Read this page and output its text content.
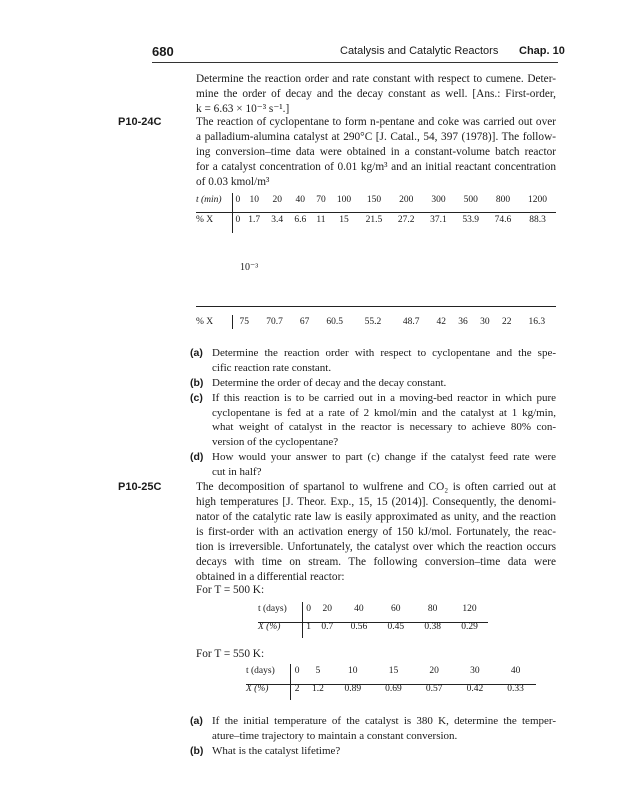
680	Catalysis and Catalytic Reactors Chap. 10
Determine the reaction order and rate constant with respect to cumene. Deter-
mine the order of decay and the decay constant as well. [Ans.: First-order,
k = 6.63 × 10⁻³ s⁻¹.]
P10-24C	The reaction of cyclopentane to form n-pentane and coke was carried out over
a palladium-alumina catalyst at 290°C [J. Catal., 54, 397 (1978)]. The follow-
ing conversion–time data were obtained in a constant-volume batch reactor
for a catalyst concentration of 0.01 kg/m³ and an initial reactant concentration
of 0.03 kmol/m³
t (min)	0	10	20	40	70	100	150	200	300	500	800	1200
% X	0	1.7	3.4	6.6	11	15	21.5	27.2	37.1	53.9	74.6	88.3
10⁻³
% X	75	70.7	67	60.5	55.2	48.7	42	36	30	22	16.3
(a) Determine the reaction order with respect to cyclopentane and the spe-
cific reaction rate constant.
(b) Determine the order of decay and the decay constant.
(c) If this reaction is to be carried out in a moving-bed reactor in which pure
cyclopentane is fed at a rate of 2 kmol/min and the catalyst at 1 kg/min,
what weight of catalyst in the reactor is necessary to achieve 80% con-
version of the cyclopentane?
(d) How would your answer to part (c) change if the catalyst feed rate were
cut in half?
P10-25C	The decomposition of spartanol to wulfrene and CO₂ is often carried out at
high temperatures [J. Theor. Exp., 15, 15 (2014)]. Consequently, the denomi-
nator of the catalytic rate law is easily approximated as unity, and the reaction
is first-order with an activation energy of 150 kJ/mol. Fortunately, the reac-
tion is irreversible. Unfortunately, the catalyst over which the reaction occurs
decays with time on stream. The following conversion–time data were
obtained in a differential reactor:
For T = 500 K:
t (days)	0	20	40	60	80	120
X (%)	1	0.7	0.56	0.45	0.38	0.29
For T = 550 K:
t (days)	0	5	10	15	20	30	40
X (%)	2	1.2	0.89	0.69	0.57	0.42	0.33
(a) If the initial temperature of the catalyst is 380 K, determine the temper-
ature–time trajectory to maintain a constant conversion.
(b) What is the catalyst lifetime?
